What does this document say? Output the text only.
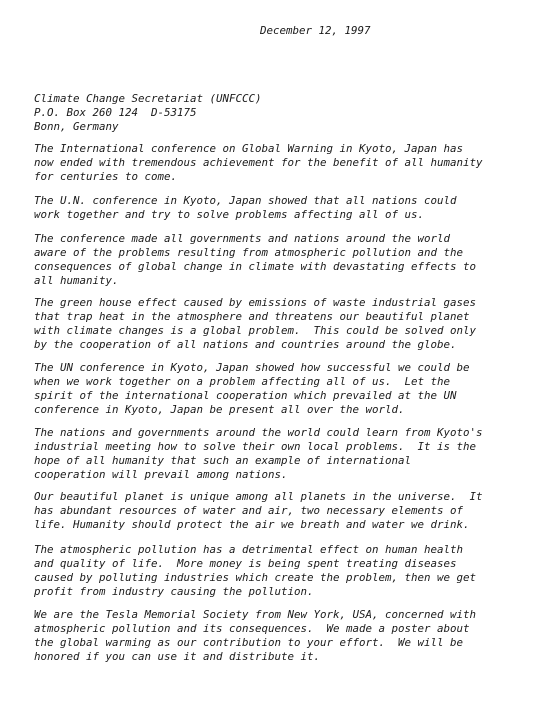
December 12, 1997
Climate Change Secretariat (UNFCCC)
P.O. Box 260 124  D-53175
Bonn, Germany
The International conference on Global Warning in Kyoto, Japan has
now ended with tremendous achievement for the benefit of all humanity
for centuries to come.
The U.N. conference in Kyoto, Japan showed that all nations could
work together and try to solve problems affecting all of us.
The conference made all governments and nations around the world
aware of the problems resulting from atmospheric pollution and the
consequences of global change in climate with devastating effects to
all humanity.
The green house effect caused by emissions of waste industrial gases
that trap heat in the atmosphere and threatens our beautiful planet
with climate changes is a global problem.  This could be solved only
by the cooperation of all nations and countries around the globe.
The UN conference in Kyoto, Japan showed how successful we could be
when we work together on a problem affecting all of us.  Let the
spirit of the international cooperation which prevailed at the UN
conference in Kyoto, Japan be present all over the world.
The nations and governments around the world could learn from Kyoto's
industrial meeting how to solve their own local problems.  It is the
hope of all humanity that such an example of international
cooperation will prevail among nations.
Our beautiful planet is unique among all planets in the universe.  It
has abundant resources of water and air, two necessary elements of
life. Humanity should protect the air we breath and water we drink.
The atmospheric pollution has a detrimental effect on human health
and quality of life.  More money is being spent treating diseases
caused by polluting industries which create the problem, then we get
profit from industry causing the pollution.
We are the Tesla Memorial Society from New York, USA, concerned with
atmospheric pollution and its consequences.  We made a poster about
the global warming as our contribution to your effort.  We will be
honored if you can use it and distribute it.
